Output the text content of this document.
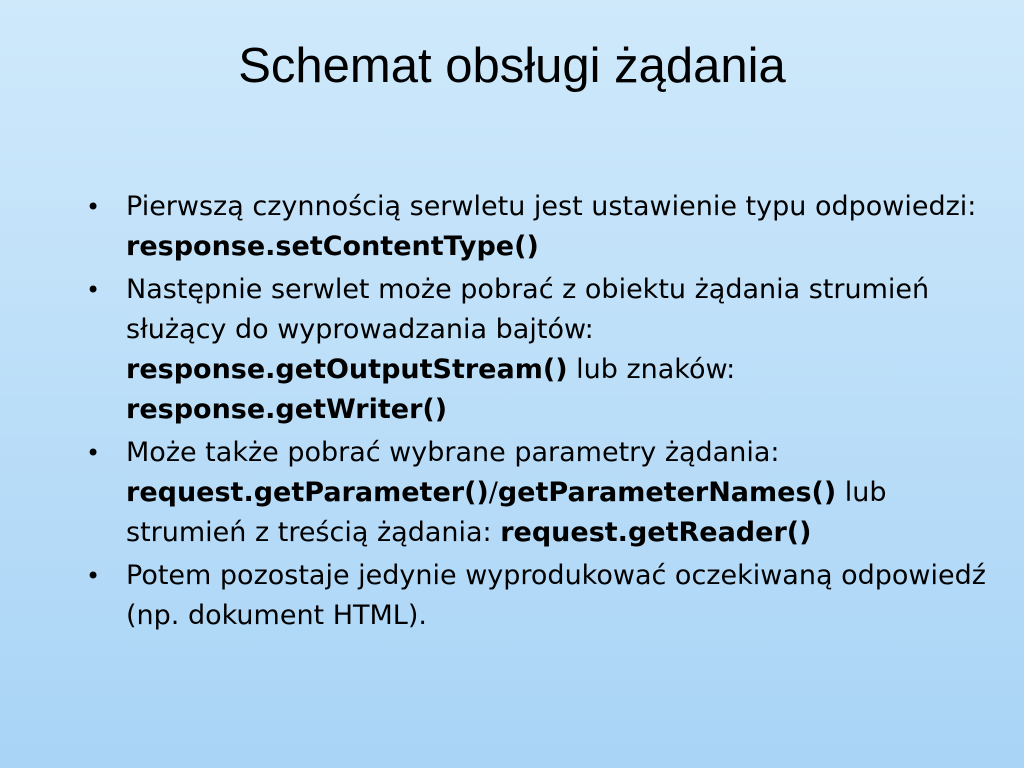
Schemat obsługi żądania
• Pierwszą czynnością serwletu jest ustawienie typu odpowiedzi: response.setContentType()
• Następnie serwlet może pobrać z obiektu żądania strumień służący do wyprowadzania bajtów: response.getOutputStream() lub znaków: response.getWriter()
• Może także pobrać wybrane parametry żądania: request.getParameter()/getParameterNames() lub strumień z treścią żądania: request.getReader()
• Potem pozostaje jedynie wyprodukować oczekiwaną odpowiedź (np. dokument HTML).
